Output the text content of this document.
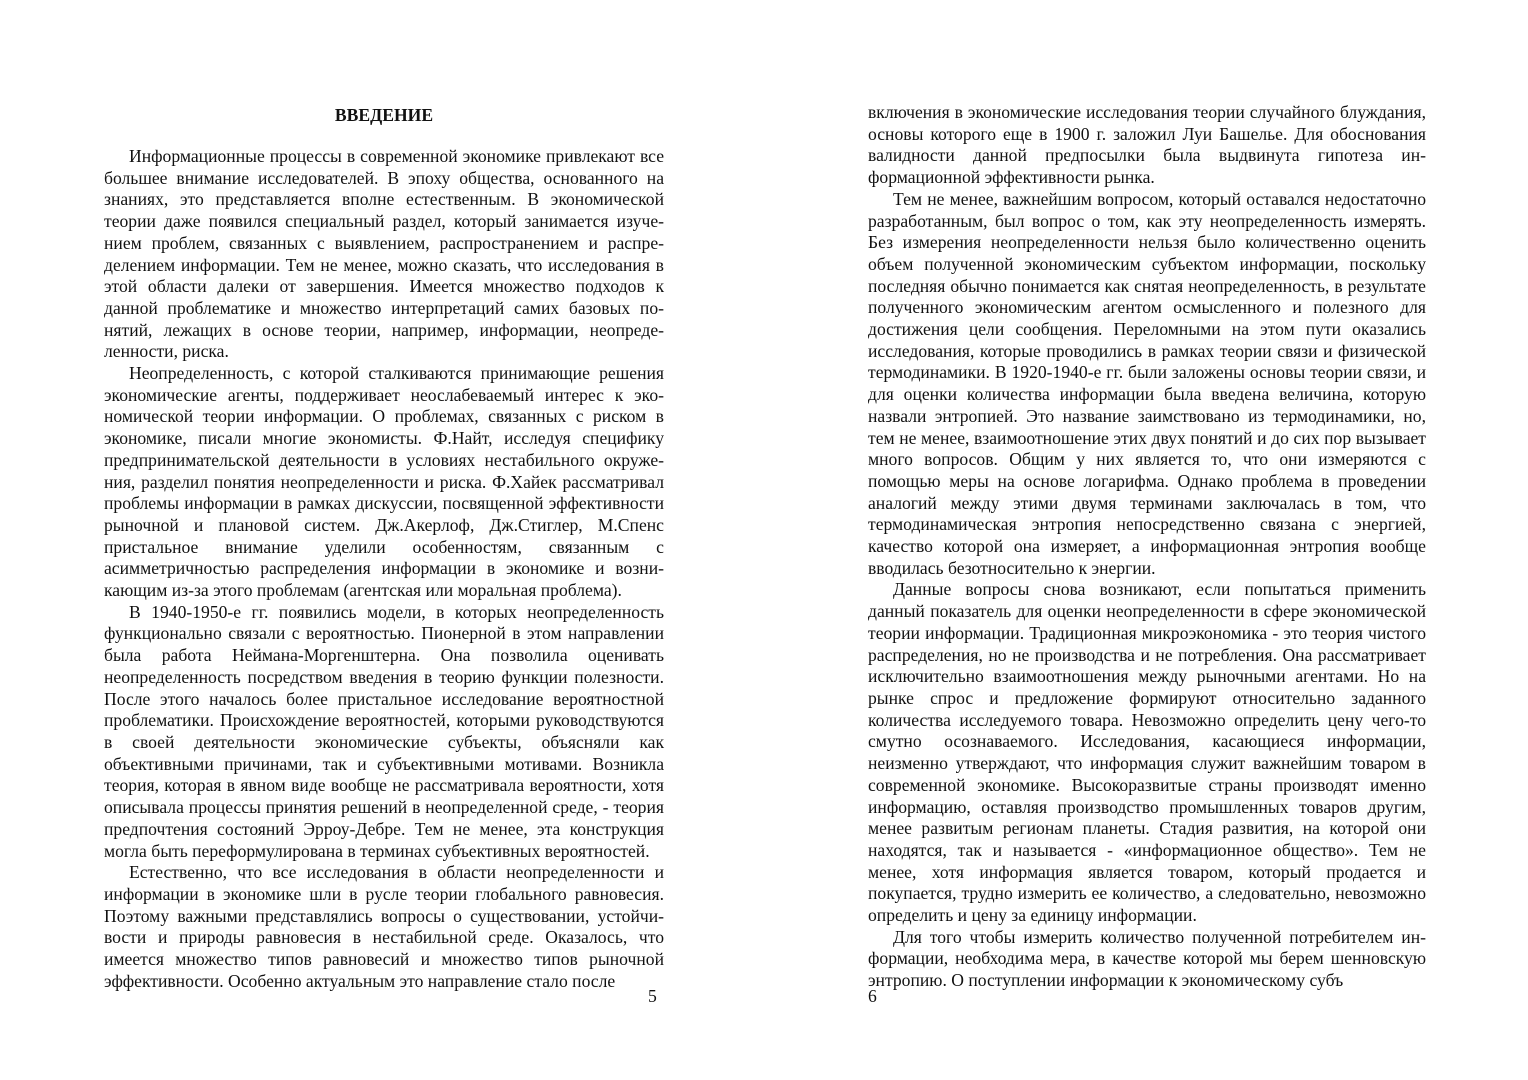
ВВЕДЕНИЕ

Информационные процессы в современной экономике привлекают все большее внимание исследователей. В эпоху общества, основанного на знаниях, это представляется вполне естественным. В экономической теории даже появился специальный раздел, который занимается изучением проблем, связанных с выявлением, распространением и распределением информации. Тем не менее, можно сказать, что исследования в этой области далеки от завершения. Имеется множество подходов к данной проблематике и множество интерпретаций самих базовых понятий, лежащих в основе теории, например, информации, неопределенности, риска.

Неопределенность, с которой сталкиваются принимающие решения экономические агенты, поддерживает неослабеваемый интерес к экономической теории информации. О проблемах, связанных с риском в экономике, писали многие экономисты. Ф.Найт, исследуя специфику предпринимательской деятельности в условиях нестабильного окружения, разделил понятия неопределенности и риска. Ф.Хайек рассматривал проблемы информации в рамках дискуссии, посвященной эффективности рыночной и плановой систем. Дж.Акерлоф, Дж.Стиглер, М.Спенс пристальное внимание уделили особенностям, связанным с асимметричностью распределения информации в экономике и возникающим из-за этого проблемам (агентская или моральная проблема).

В 1940-1950-е гг. появились модели, в которых неопределенность функционально связали с вероятностью. Пионерной в этом направлении была работа Неймана-Моргенштерна. Она позволила оценивать неопределенность посредством введения в теорию функции полезности. После этого началось более пристальное исследование вероятностной проблематики. Происхождение вероятностей, которыми руководствуются в своей деятельности экономические субъекты, объясняли как объективными причинами, так и субъективными мотивами. Возникла теория, которая в явном виде вообще не рассматривала вероятности, хотя описывала процессы принятия решений в неопределенной среде, - теория предпочтения состояний Эрроу-Дебре. Тем не менее, эта конструкция могла быть переформулирована в терминах субъективных вероятностей.

Естественно, что все исследования в области неопределенности и информации в экономике шли в русле теории глобального равновесия. Поэтому важными представлялись вопросы о существовании, устойчивости и природы равновесия в нестабильной среде. Оказалось, что имеется множество типов равновесий и множество типов рыночной эффективности. Особенно актуальным это направление стало после

5

включения в экономические исследования теории случайного блуждания, основы которого еще в 1900 г. заложил Луи Башелье. Для обоснования валидности данной предпосылки была выдвинута гипотеза информационной эффективности рынка.

Тем не менее, важнейшим вопросом, который оставался недостаточно разработанным, был вопрос о том, как эту неопределенность измерять. Без измерения неопределенности нельзя было количественно оценить объем полученной экономическим субъектом информации, поскольку последняя обычно понимается как снятая неопределенность, в результате полученного экономическим агентом осмысленного и полезного для достижения цели сообщения. Переломными на этом пути оказались исследования, которые проводились в рамках теории связи и физической термодинамики. В 1920-1940-е гг. были заложены основы теории связи, и для оценки количества информации была введена величина, которую назвали энтропией. Это название заимствовано из термодинамики, но, тем не менее, взаимоотношение этих двух понятий и до сих пор вызывает много вопросов. Общим у них является то, что они измеряются с помощью меры на основе логарифма. Однако проблема в проведении аналогий между этими двумя терминами заключалась в том, что термодинамическая энтропия непосредственно связана с энергией, качество которой она измеряет, а информационная энтропия вообще вводилась безотносительно к энергии.

Данные вопросы снова возникают, если попытаться применить данный показатель для оценки неопределенности в сфере экономической теории информации. Традиционная микроэкономика - это теория чистого распределения, но не производства и не потребления. Она рассматривает исключительно взаимоотношения между рыночными агентами. Но на рынке спрос и предложение формируют относительно заданного количества исследуемого товара. Невозможно определить цену чего-то смутно осознаваемого. Исследования, касающиеся информации, неизменно утверждают, что информация служит важнейшим товаром в современной экономике. Высокоразвитые страны производят именно информацию, оставляя производство промышленных товаров другим, менее развитым регионам планеты. Стадия развития, на которой они находятся, так и называется - «информационное общество». Тем не менее, хотя информация является товаром, который продается и покупается, трудно измерить ее количество, а следовательно, невозможно определить и цену за единицу информации.

Для того чтобы измерить количество полученной потребителем информации, необходима мера, в качестве которой мы берем шенновскую энтропию. О поступлении информации к экономическому субъ

6
